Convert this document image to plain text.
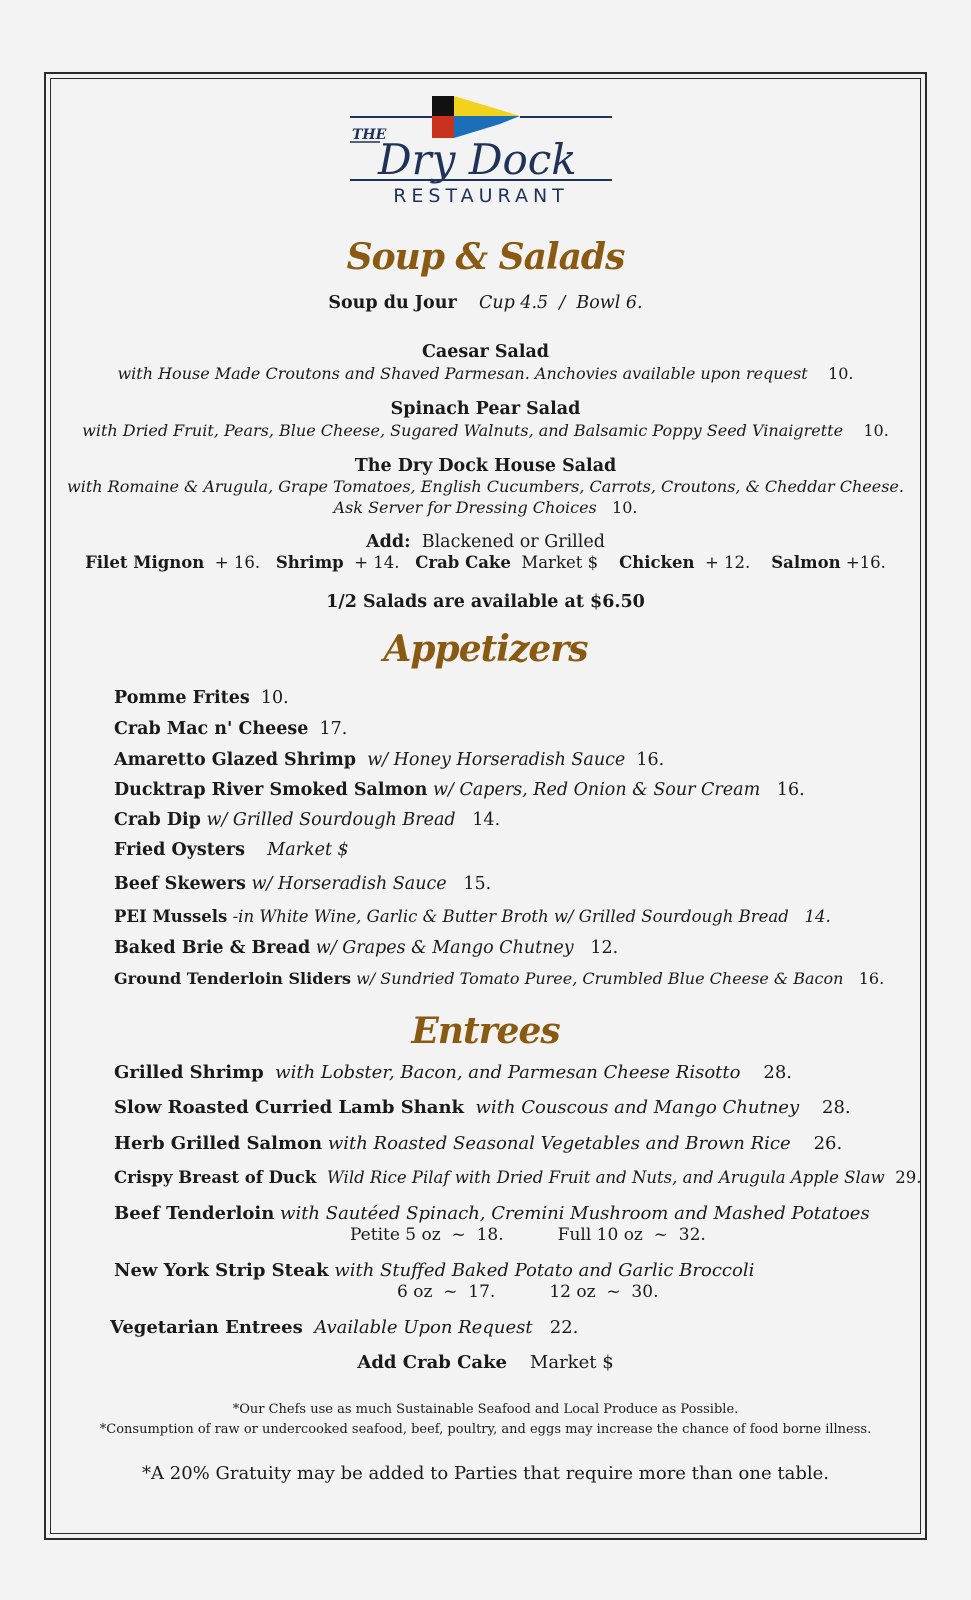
THE
Dry Dock
RESTAURANT
Soup & Salads
Soup du Jour Cup 4.5 / Bowl 6.
Caesar Salad
with House Made Croutons and Shaved Parmesan. Anchovies available upon request 10.
Spinach Pear Salad
with Dried Fruit, Pears, Blue Cheese, Sugared Walnuts, and Balsamic Poppy Seed Vinaigrette 10.
The Dry Dock House Salad
with Romaine & Arugula, Grape Tomatoes, English Cucumbers, Carrots, Croutons, & Cheddar Cheese.
Ask Server for Dressing Choices 10.
Add: Blackened or Grilled
Filet Mignon + 16. Shrimp + 14. Crab Cake Market $ Chicken + 12. Salmon +16.
1/2 Salads are available at $6.50
Appetizers
Pomme Frites 10.
Crab Mac n' Cheese 17.
Amaretto Glazed Shrimp w/ Honey Horseradish Sauce 16.
Ducktrap River Smoked Salmon w/ Capers, Red Onion & Sour Cream 16.
Crab Dip w/ Grilled Sourdough Bread 14.
Fried Oysters Market $
Beef Skewers w/ Horseradish Sauce 15.
PEI Mussels -in White Wine, Garlic & Butter Broth w/ Grilled Sourdough Bread 14.
Baked Brie & Bread w/ Grapes & Mango Chutney 12.
Ground Tenderloin Sliders w/ Sundried Tomato Puree, Crumbled Blue Cheese & Bacon 16.
Entrees
Grilled Shrimp with Lobster, Bacon, and Parmesan Cheese Risotto 28.
Slow Roasted Curried Lamb Shank with Couscous and Mango Chutney 28.
Herb Grilled Salmon with Roasted Seasonal Vegetables and Brown Rice 26.
Crispy Breast of Duck Wild Rice Pilaf with Dried Fruit and Nuts, and Arugula Apple Slaw 29.
Beef Tenderloin with Sautéed Spinach, Cremini Mushroom and Mashed Potatoes
Petite 5 oz  ~  18.          Full 10 oz  ~  32.
New York Strip Steak with Stuffed Baked Potato and Garlic Broccoli
6 oz  ~  17.          12 oz  ~  30.
Vegetarian Entrees Available Upon Request 22.
Add Crab Cake Market $
*Our Chefs use as much Sustainable Seafood and Local Produce as Possible.
*Consumption of raw or undercooked seafood, beef, poultry, and eggs may increase the chance of food borne illness.
*A 20% Gratuity may be added to Parties that require more than one table.
